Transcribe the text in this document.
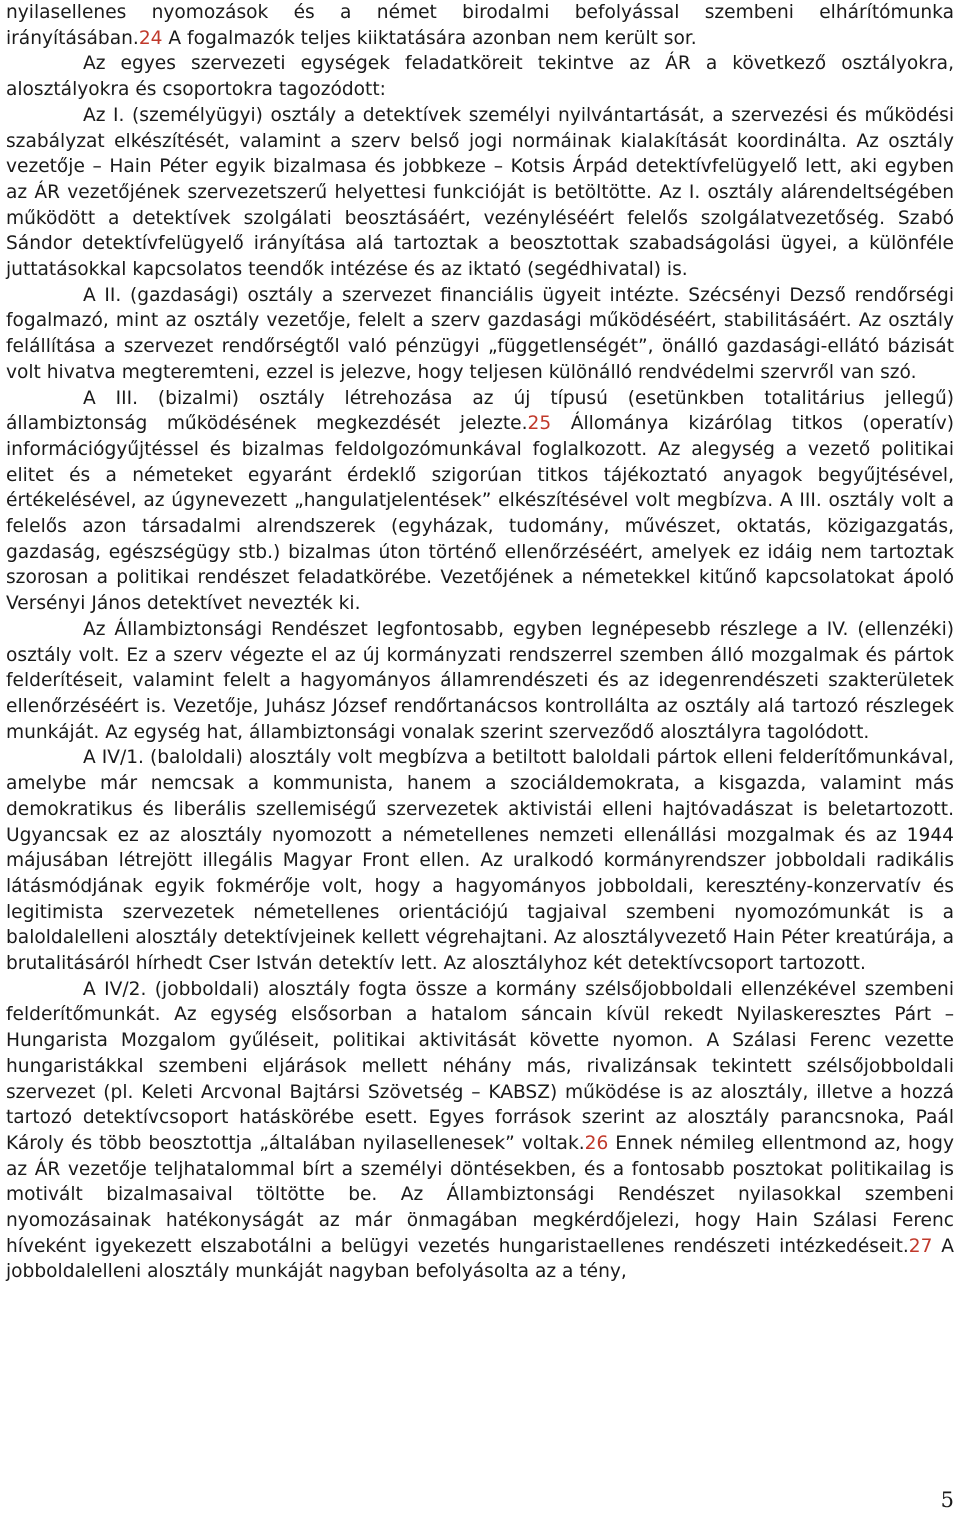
nyilasellenes nyomozások és a német birodalmi befolyással szembeni elhárítómunka irányításában.24 A fogalmazók teljes kiiktatására azonban nem került sor.

Az egyes szervezeti egységek feladatköreit tekintve az ÁR a következő osztályokra, alosztályokra és csoportokra tagozódott:

Az I. (személyügyi) osztály a detektívek személyi nyilvántartását, a szervezési és működési szabályzat elkészítését, valamint a szerv belső jogi normáinak kialakítását koordinálta. Az osztály vezetője – Hain Péter egyik bizalmasa és jobbkeze – Kotsis Árpád detektívfelügyelő lett, aki egyben az ÁR vezetőjének szervezetszerű helyettesi funkcióját is betöltötte. Az I. osztály alárendeltségében működött a detektívek szolgálati beosztásáért, vezényléséért felelős szolgálatvezetőség. Szabó Sándor detektívfelügyelő irányítása alá tartoztak a beosztottak szabadságolási ügyei, a különféle juttatásokkal kapcsolatos teendők intézése és az iktató (segédhivatal) is.

A II. (gazdasági) osztály a szervezet financiális ügyeit intézte. Szécsényi Dezső rendőrségi fogalmazó, mint az osztály vezetője, felelt a szerv gazdasági működéséért, stabilitásáért. Az osztály felállítása a szervezet rendőrségtől való pénzügyi „függetlenségét”, önálló gazdasági-ellátó bázisát volt hivatva megteremteni, ezzel is jelezve, hogy teljesen különálló rendvédelmi szervről van szó.

A III. (bizalmi) osztály létrehozása az új típusú (esetünkben totalitárius jellegű) állambiztonság működésének megkezdését jelezte.25 Állománya kizárólag titkos (operatív) információgyűjtéssel és bizalmas feldolgozómunkával foglalkozott. Az alegység a vezető politikai elitet és a németeket egyaránt érdeklő szigorúan titkos tájékoztató anyagok begyűjtésével, értékelésével, az úgynevezett „hangulatjelentések” elkészítésével volt megbízva. A III. osztály volt a felelős azon társadalmi alrendszerek (egyházak, tudomány, művészet, oktatás, közigazgatás, gazdaság, egészségügy stb.) bizalmas úton történő ellenőrzéséért, amelyek ez idáig nem tartoztak szorosan a politikai rendészet feladatkörébe. Vezetőjének a németekkel kitűnő kapcsolatokat ápoló Versényi János detektívet nevezték ki.

Az Állambiztonsági Rendészet legfontosabb, egyben legnépesebb részlege a IV. (ellenzéki) osztály volt. Ez a szerv végezte el az új kormányzati rendszerrel szemben álló mozgalmak és pártok felderítéseit, valamint felelt a hagyományos államrendészeti és az idegenrendészeti szakterületek ellenőrzéséért is. Vezetője, Juhász József rendőrtanácsos kontrollálta az osztály alá tartozó részlegek munkáját. Az egység hat, állambiztonsági vonalak szerint szerveződő alosztályra tagolódott.

A IV/1. (baloldali) alosztály volt megbízva a betiltott baloldali pártok elleni felderítőmunkával, amelybe már nemcsak a kommunista, hanem a szociáldemokrata, a kisgazda, valamint más demokratikus és liberális szellemiségű szervezetek aktivistái elleni hajtóvadászat is beletartozott. Ugyancsak ez az alosztály nyomozott a németellenes nemzeti ellenállási mozgalmak és az 1944 májusában létrejött illegális Magyar Front ellen. Az uralkodó kormányrendszer jobboldali radikális látásmódjának egyik fokmérője volt, hogy a hagyományos jobboldali, keresztény-konzervatív és legitimista szervezetek németellenes orientációjú tagjaival szembeni nyomozómunkát is a baloldalelleni alosztály detektívjeinek kellett végrehajtani. Az alosztályvezető Hain Péter kreatúrája, a brutalitásáról hírhedt Cser István detektív lett. Az alosztályhoz két detektívcsoport tartozott.

A IV/2. (jobboldali) alosztály fogta össze a kormány szélsőjobboldali ellenzékével szembeni felderítőmunkát. Az egység elsősorban a hatalom sáncain kívül rekedt Nyilaskeresztes Párt – Hungarista Mozgalom gyűléseit, politikai aktivitását követte nyomon. A Szálasi Ferenc vezette hungaristákkal szembeni eljárások mellett néhány más, rivalizánsak tekintett szélsőjobboldali szervezet (pl. Keleti Arcvonal Bajtársi Szövetség – KABSZ) működése is az alosztály, illetve a hozzá tartozó detektívcsoport hatáskörébe esett. Egyes források szerint az alosztály parancsnoka, Paál Károly és több beosztottja „általában nyilasellenesek” voltak.26 Ennek némileg ellentmond az, hogy az ÁR vezetője teljhatalommal bírt a személyi döntésekben, és a fontosabb posztokat politikailag is motivált bizalmasaival töltötte be. Az Állambiztonsági Rendészet nyilasokkal szembeni nyomozásainak hatékonyságát az már önmagában megkérdőjelezi, hogy Hain Szálasi Ferenc híveként igyekezett elszabotálni a belügyi vezetés hungaristaellenes rendészeti intézkedéseit.27 A jobboldalelleni alosztály munkáját nagyban befolyásolta az a tény,

5
